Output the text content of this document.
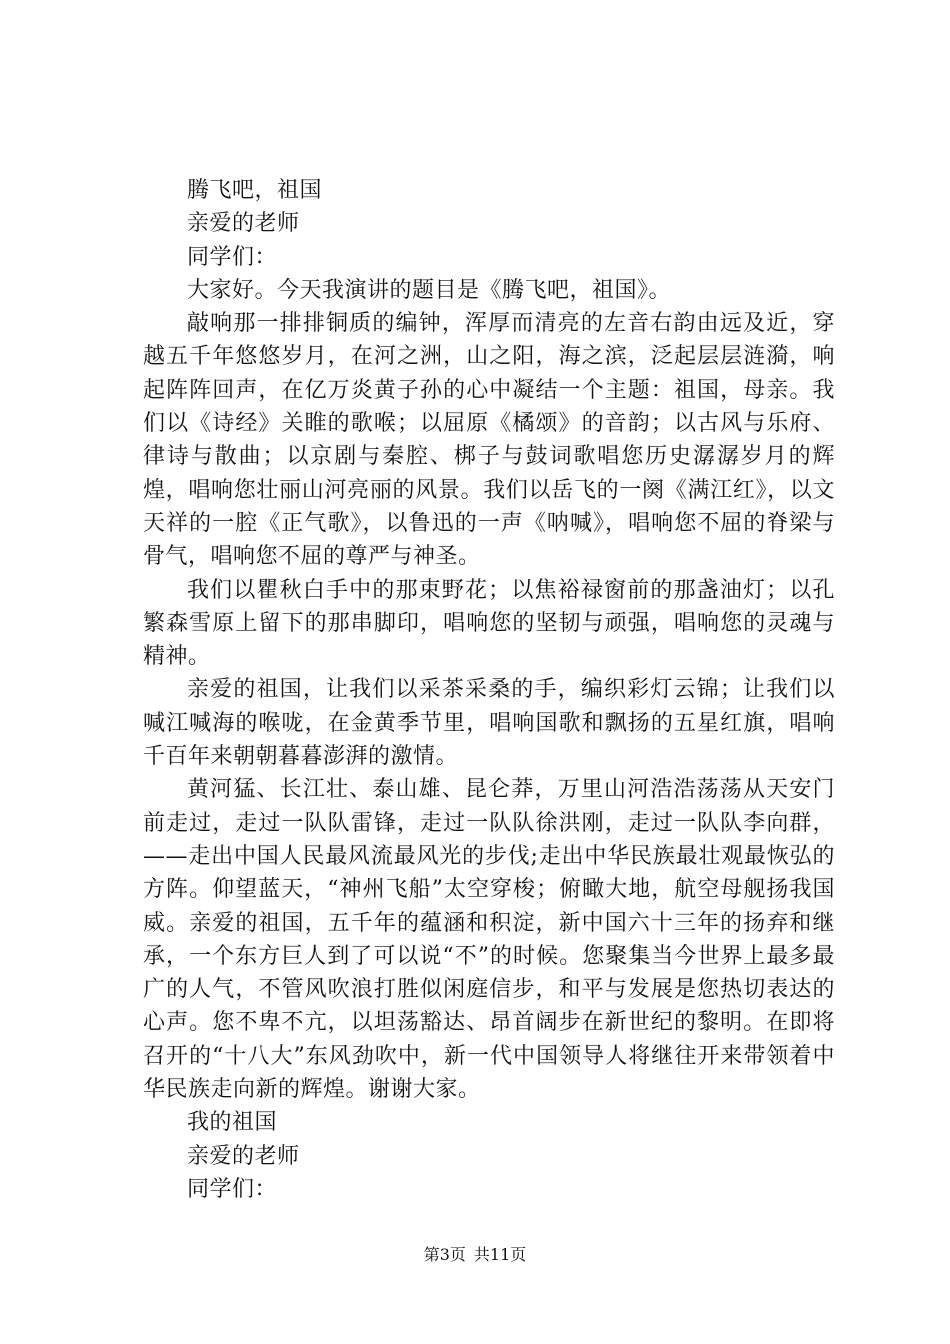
腾飞吧，祖国

亲爱的老师

同学们：

大家好。今天我演讲的题目是《腾飞吧，祖国》。

敲响那一排排铜质的编钟，浑厚而清亮的左音右韵由远及近，穿越五千年悠悠岁月，在河之洲，山之阳，海之滨，泛起层层涟漪，响起阵阵回声，在亿万炎黄子孙的心中凝结一个主题：祖国，母亲。我们以《诗经》关睢的歌喉；以屈原《橘颂》的音韵；以古风与乐府、律诗与散曲；以京剧与秦腔、梆子与鼓词歌唱您历史潺潺岁月的辉煌，唱响您壮丽山河亮丽的风景。我们以岳飞的一阕《满江红》，以文天祥的一腔《正气歌》，以鲁迅的一声《呐喊》，唱响您不屈的脊梁与骨气，唱响您不屈的尊严与神圣。

我们以瞿秋白手中的那束野花；以焦裕禄窗前的那盏油灯；以孔繁森雪原上留下的那串脚印，唱响您的坚韧与顽强，唱响您的灵魂与精神。

亲爱的祖国，让我们以采茶采桑的手，编织彩灯云锦；让我们以喊江喊海的喉咙，在金黄季节里，唱响国歌和飘扬的五星红旗，唱响千百年来朝朝暮暮澎湃的激情。

黄河猛、长江壮、泰山雄、昆仑莽，万里山河浩浩荡荡从天安门前走过，走过一队队雷锋，走过一队队徐洪刚，走过一队队李向群，——走出中国人民最风流最风光的步伐;走出中华民族最壮观最恢弘的方阵。仰望蓝天，“神州飞船”太空穿梭；俯瞰大地，航空母舰扬我国威。亲爱的祖国，五千年的蕴涵和积淀，新中国六十三年的扬弃和继承，一个东方巨人到了可以说“不”的时候。您聚集当今世界上最多最广的人气，不管风吹浪打胜似闲庭信步，和平与发展是您热切表达的心声。您不卑不亢，以坦荡豁达、昂首阔步在新世纪的黎明。在即将召开的“十八大”东风劲吹中，新一代中国领导人将继往开来带领着中华民族走向新的辉煌。谢谢大家。

我的祖国

亲爱的老师

同学们：

第3页 共11页
